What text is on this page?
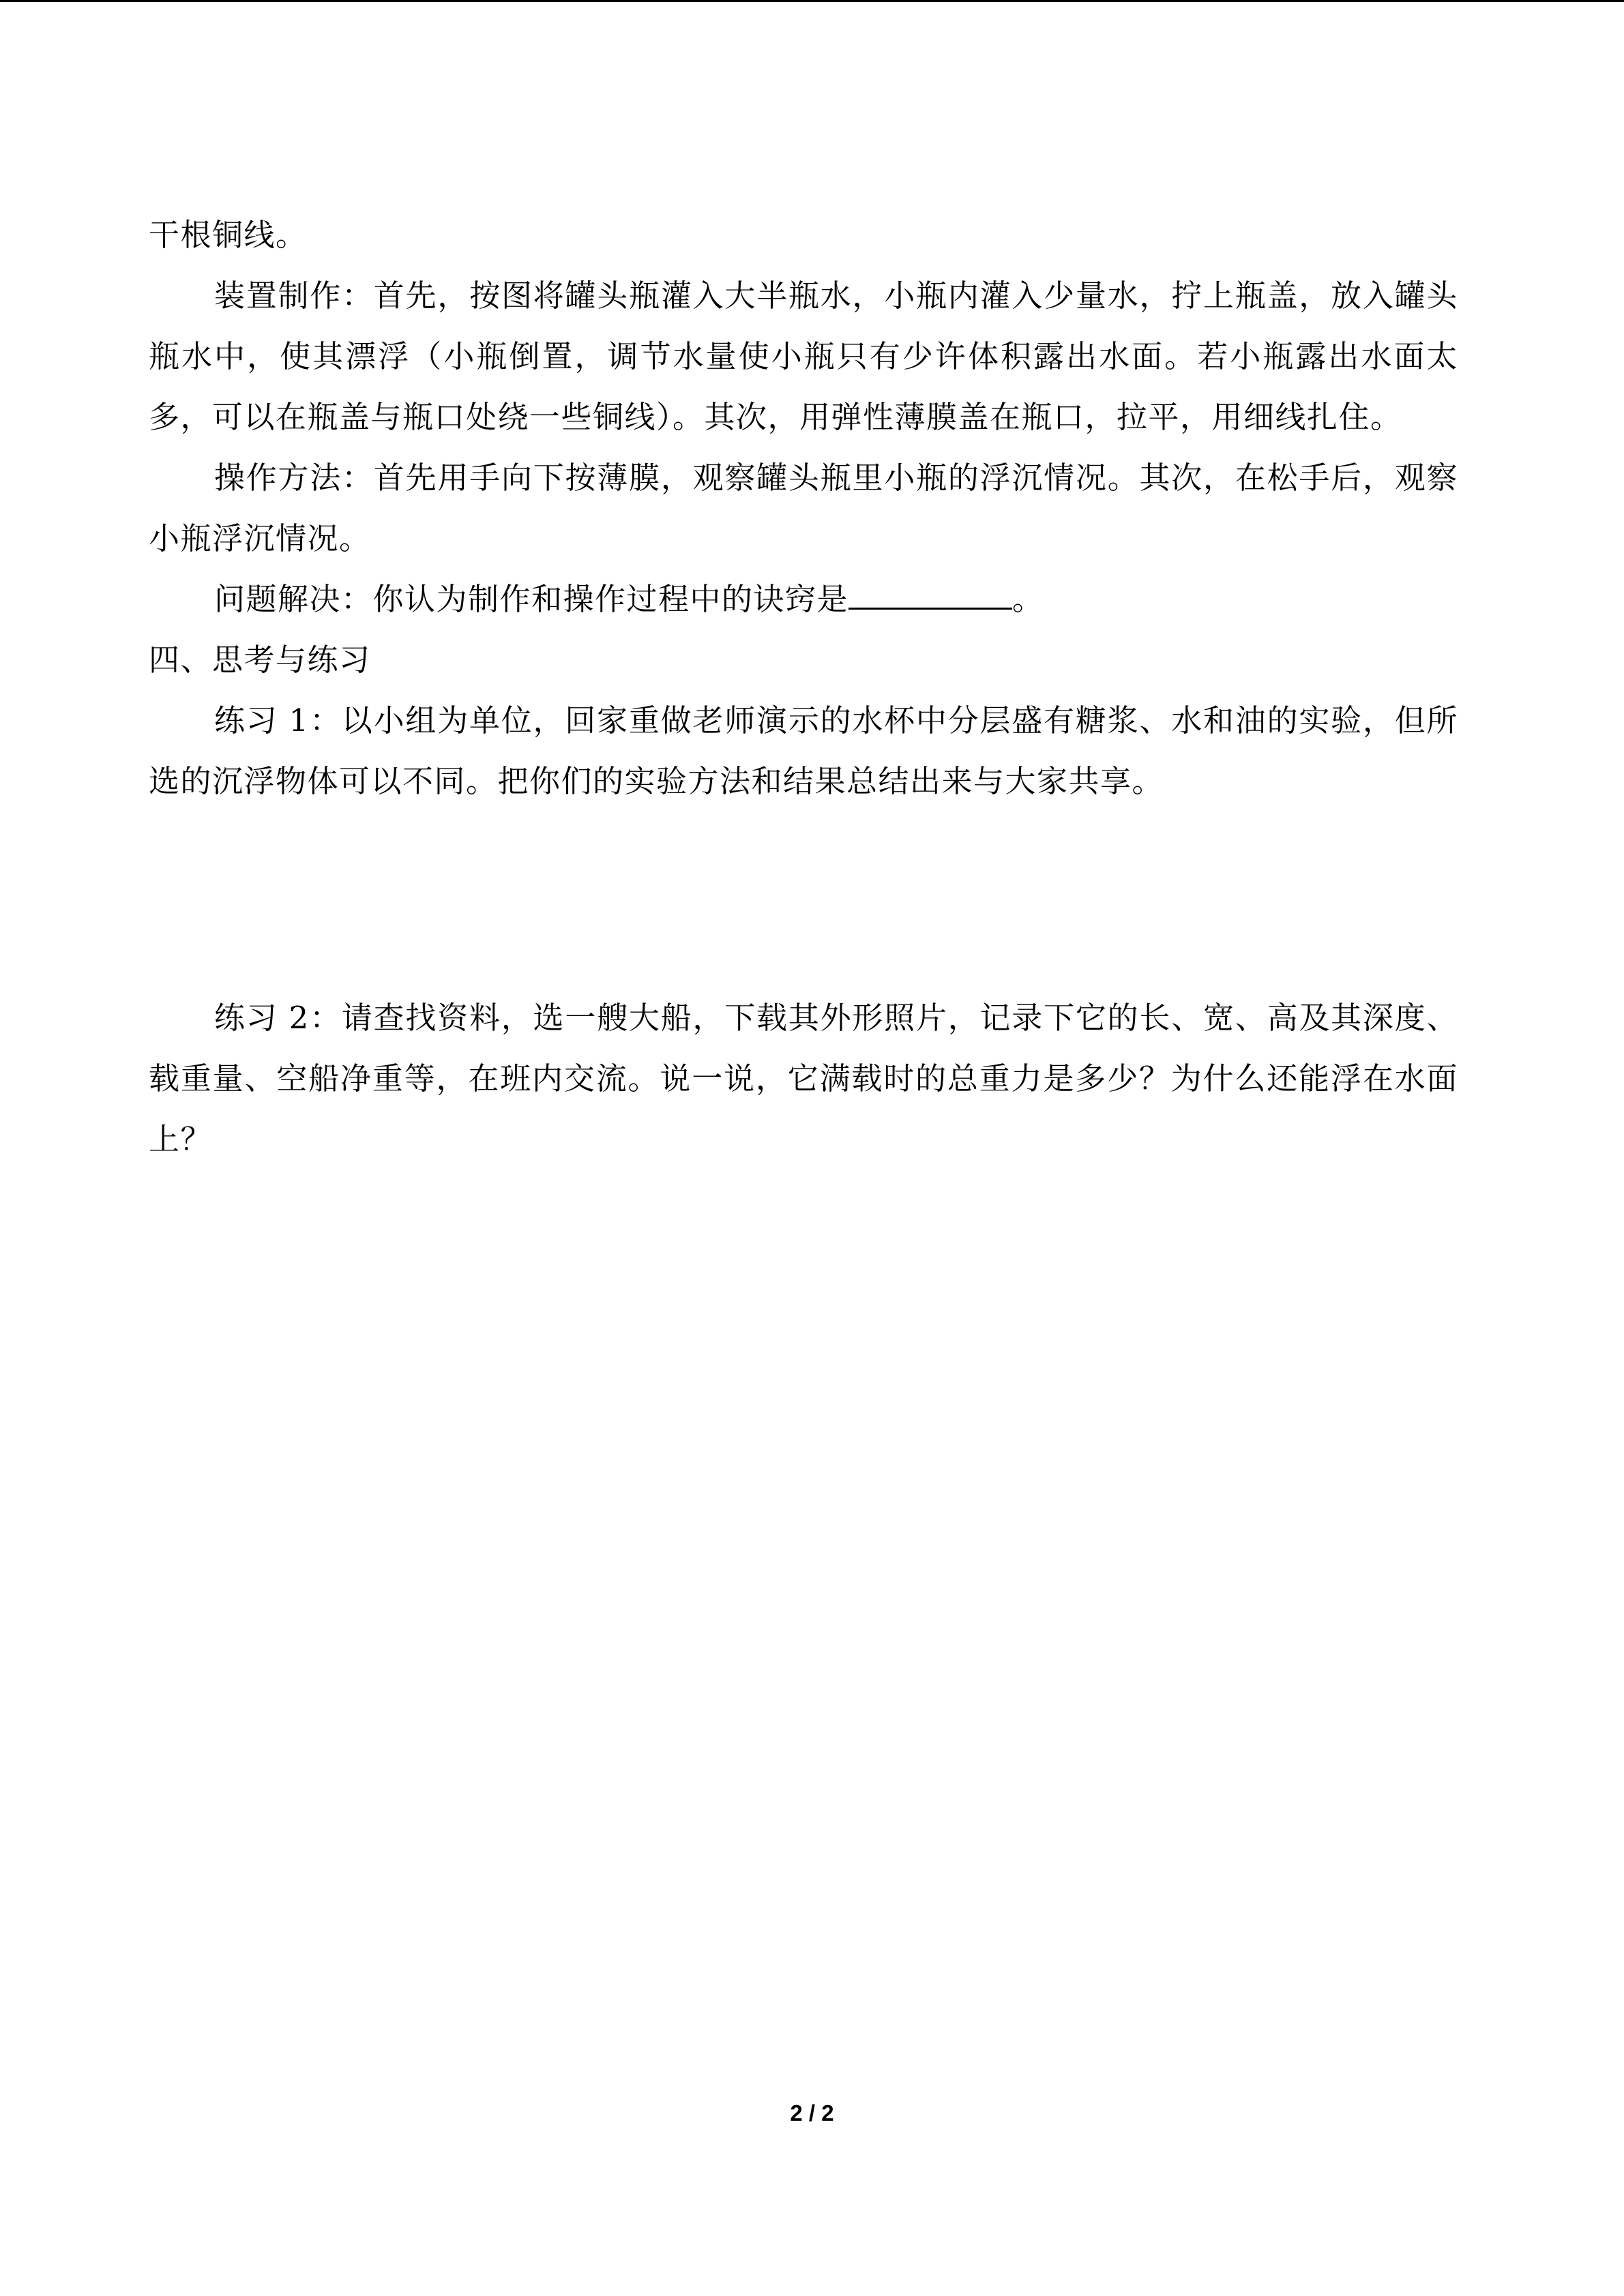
干根铜线。

装置制作：首先，按图将罐头瓶灌入大半瓶水，小瓶内灌入少量水，拧上瓶盖，放入罐头瓶水中，使其漂浮（小瓶倒置，调节水量使小瓶只有少许体积露出水面。若小瓶露出水面太多，可以在瓶盖与瓶口处绕一些铜线）。其次，用弹性薄膜盖在瓶口，拉平，用细线扎住。

操作方法：首先用手向下按薄膜，观察罐头瓶里小瓶的浮沉情况。其次，在松手后，观察小瓶浮沉情况。

问题解决：你认为制作和操作过程中的诀窍是	。

四、思考与练习

练习 1：以小组为单位，回家重做老师演示的水杯中分层盛有糖浆、水和油的实验，但所选的沉浮物体可以不同。把你们的实验方法和结果总结出来与大家共享。

练习 2：请查找资料，选一艘大船，下载其外形照片，记录下它的长、宽、高及其深度、载重量、空船净重等，在班内交流。说一说，它满载时的总重力是多少？为什么还能浮在水面上？

2 / 2
